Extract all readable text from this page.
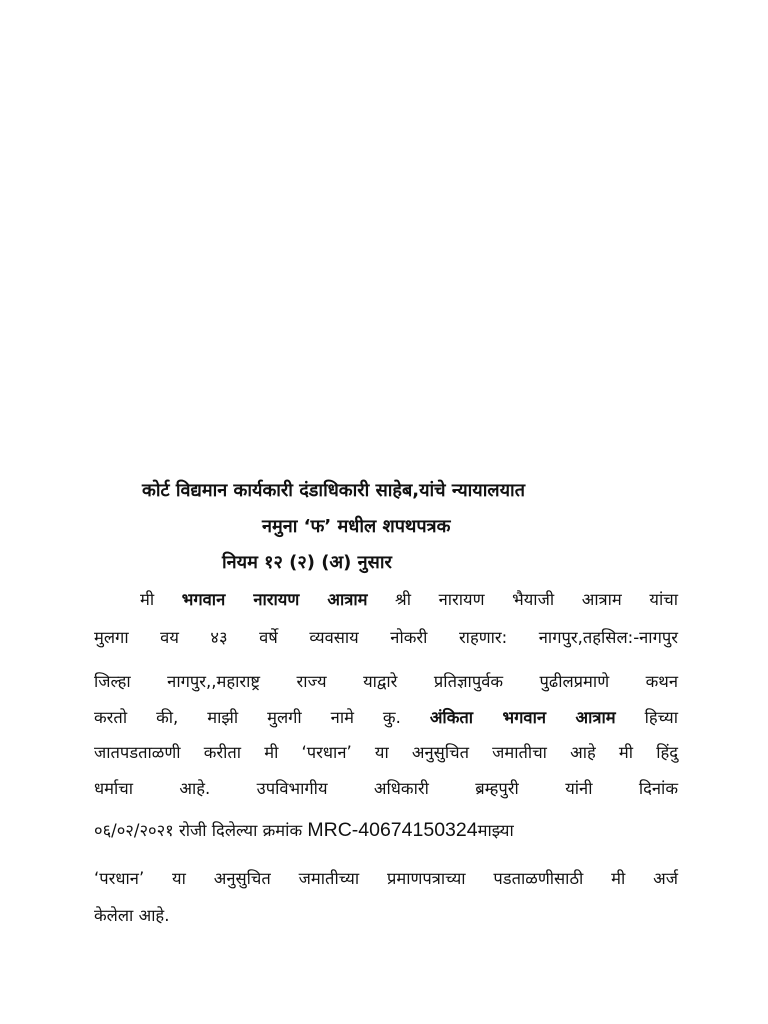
कोर्ट विद्यमान कार्यकारी दंडाधिकारी साहेब,यांचे न्यायालयात

नमुना ‘फ’ मधील शपथपत्रक

नियम १२ (२) (अ) नुसार

मी भगवान नारायण आत्राम श्री नारायण भैयाजी आत्राम यांचा

मुलगा वय ४३ वर्षे व्यवसाय नोकरी राहणार: नागपुर,तहसिल:-नागपुर

जिल्हा नागपुर,,महाराष्ट्र राज्य याद्वारे प्रतिज्ञापुर्वक पुढीलप्रमाणे कथन

करतो की, माझी मुलगी नामे कु. अंकिता भगवान आत्राम हिच्या

जातपडताळणी करीता मी ‘परधान’ या अनुसुचित जमातीचा आहे मी हिंदु

धर्माचा आहे. उपविभागीय अधिकारी ब्रम्हपुरी यांनी दिनांक

०६/०२/२०२१ रोजी दिलेल्या क्रमांक MRC-40674150324माझ्या

‘परधान’ या अनुसुचित जमातीच्या प्रमाणपत्राच्या पडताळणीसाठी मी अर्ज

केलेला आहे.
